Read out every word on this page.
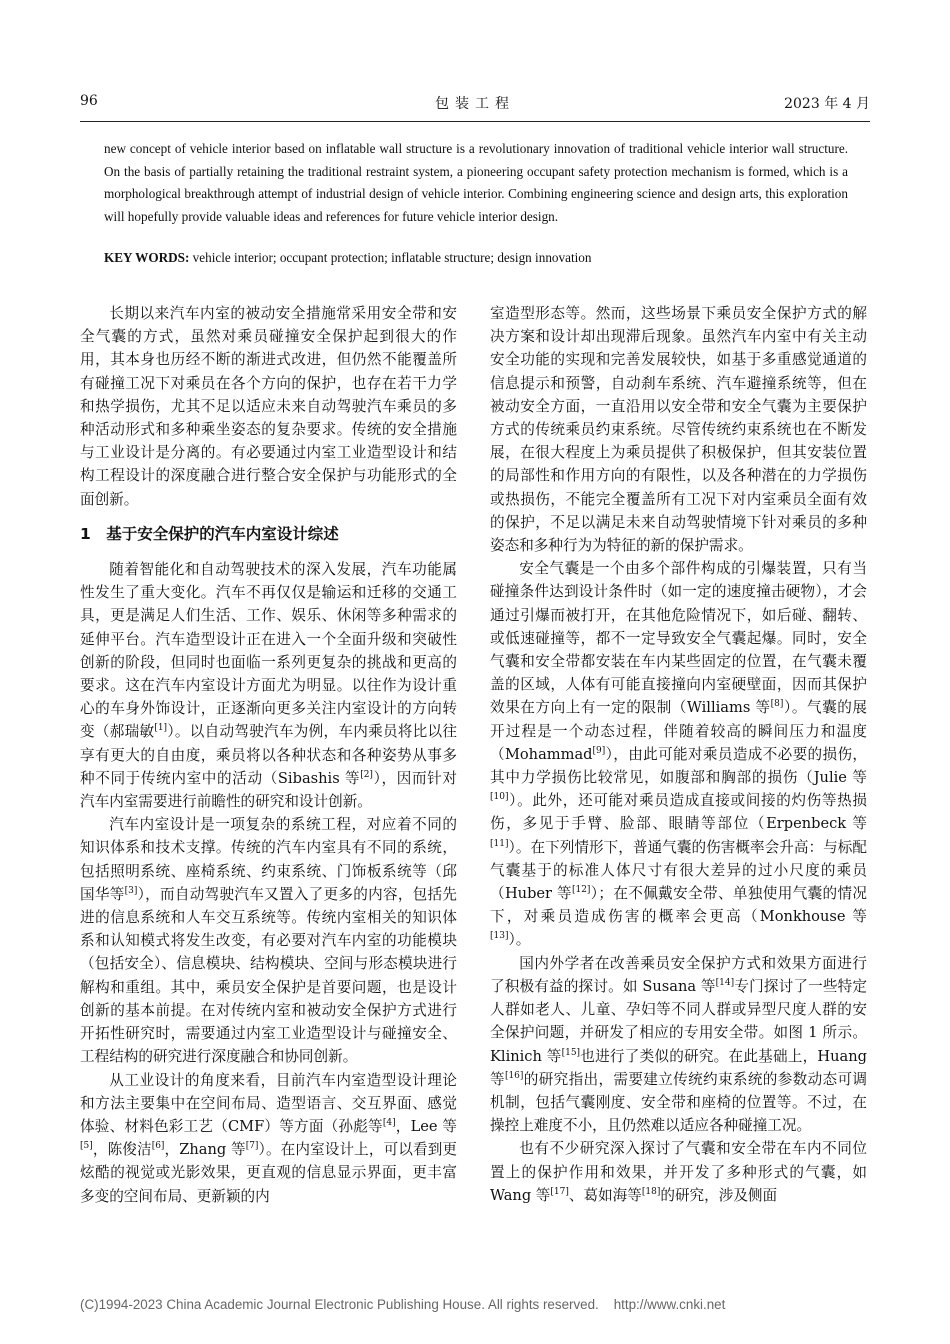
96	包装工程	2023 年 4 月
new concept of vehicle interior based on inflatable wall structure is a revolutionary innovation of traditional vehicle interior wall structure. On the basis of partially retaining the traditional restraint system, a pioneering occupant safety protection mechanism is formed, which is a morphological breakthrough attempt of industrial design of vehicle interior. Combining engineering science and design arts, this exploration will hopefully provide valuable ideas and references for future vehicle interior design.
KEY WORDS: vehicle interior; occupant protection; inflatable structure; design innovation

长期以来汽车内室的被动安全措施常采用安全带和安全气囊的方式，虽然对乘员碰撞安全保护起到很大的作用，其本身也历经不断的渐进式改进，但仍然不能覆盖所有碰撞工况下对乘员在各个方向的保护，也存在若干力学和热学损伤，尤其不足以适应未来自动驾驶汽车乘员的多种活动形式和多种乘坐姿态的复杂要求。传统的安全措施与工业设计是分离的。有必要通过内室工业造型设计和结构工程设计的深度融合进行整合安全保护与功能形式的全面创新。

1　基于安全保护的汽车内室设计综述

随着智能化和自动驾驶技术的深入发展，汽车功能属性发生了重大变化。汽车不再仅仅是输运和迁移的交通工具，更是满足人们生活、工作、娱乐、休闲等多种需求的延伸平台。汽车造型设计正在进入一个全面升级和突破性创新的阶段，但同时也面临一系列更复杂的挑战和更高的要求。这在汽车内室设计方面尤为明显。以往作为设计重心的车身外饰设计，正逐渐向更多关注内室设计的方向转变（郝瑞敏[1]）。以自动驾驶汽车为例，车内乘员将比以往享有更大的自由度，乘员将以各种状态和各种姿势从事多种不同于传统内室中的活动（Sibashis 等[2]），因而针对汽车内室需要进行前瞻性的研究和设计创新。

汽车内室设计是一项复杂的系统工程，对应着不同的知识体系和技术支撑。传统的汽车内室具有不同的系统，包括照明系统、座椅系统、约束系统、门饰板系统等（邱国华等[3]），而自动驾驶汽车又置入了更多的内容，包括先进的信息系统和人车交互系统等。传统内室相关的知识体系和认知模式将发生改变，有必要对汽车内室的功能模块（包括安全）、信息模块、结构模块、空间与形态模块进行解构和重组。其中，乘员安全保护是首要问题，也是设计创新的基本前提。在对传统内室和被动安全保护方式进行开拓性研究时，需要通过内室工业造型设计与碰撞安全、工程结构的研究进行深度融合和协同创新。

从工业设计的角度来看，目前汽车内室造型设计理论和方法主要集中在空间布局、造型语言、交互界面、感觉体验、材料色彩工艺（CMF）等方面（孙彪等[4]，Lee 等[5]，陈俊洁[6]，Zhang 等[7]）。在内室设计上，可以看到更炫酷的视觉或光影效果，更直观的信息显示界面，更丰富多变的空间布局、更新颖的内

室造型形态等。然而，这些场景下乘员安全保护方式的解决方案和设计却出现滞后现象。虽然汽车内室中有关主动安全功能的实现和完善发展较快，如基于多重感觉通道的信息提示和预警，自动刹车系统、汽车避撞系统等，但在被动安全方面，一直沿用以安全带和安全气囊为主要保护方式的传统乘员约束系统。尽管传统约束系统也在不断发展，在很大程度上为乘员提供了积极保护，但其安装位置的局部性和作用方向的有限性，以及各种潜在的力学损伤或热损伤，不能完全覆盖所有工况下对内室乘员全面有效的保护，不足以满足未来自动驾驶情境下针对乘员的多种姿态和多种行为为特征的新的保护需求。

安全气囊是一个由多个部件构成的引爆装置，只有当碰撞条件达到设计条件时（如一定的速度撞击硬物），才会通过引爆而被打开，在其他危险情况下，如后碰、翻转、或低速碰撞等，都不一定导致安全气囊起爆。同时，安全气囊和安全带都安装在车内某些固定的位置，在气囊未覆盖的区域，人体有可能直接撞向内室硬壁面，因而其保护效果在方向上有一定的限制（Williams 等[8]）。气囊的展开过程是一个动态过程，伴随着较高的瞬间压力和温度（Mohammad[9]），由此可能对乘员造成不必要的损伤，其中力学损伤比较常见，如腹部和胸部的损伤（Julie 等[10]）。此外，还可能对乘员造成直接或间接的灼伤等热损伤，多见于手臂、脸部、眼睛等部位（Erpenbeck 等[11]）。在下列情形下，普通气囊的伤害概率会升高：与标配气囊基于的标准人体尺寸有很大差异的过小尺度的乘员（Huber 等[12]）；在不佩戴安全带、单独使用气囊的情况下，对乘员造成伤害的概率会更高（Monkhouse 等[13]）。

国内外学者在改善乘员安全保护方式和效果方面进行了积极有益的探讨。如 Susana 等[14]专门探讨了一些特定人群如老人、儿童、孕妇等不同人群或异型尺度人群的安全保护问题，并研发了相应的专用安全带。如图 1 所示。Klinich 等[15]也进行了类似的研究。在此基础上，Huang 等[16]的研究指出，需要建立传统约束系统的参数动态可调机制，包括气囊刚度、安全带和座椅的位置等。不过，在操控上难度不小，且仍然难以适应各种碰撞工况。

也有不少研究深入探讨了气囊和安全带在车内不同位置上的保护作用和效果，并开发了多种形式的气囊，如 Wang 等[17]、葛如海等[18]的研究，涉及侧面

(C)1994-2023 China Academic Journal Electronic Publishing House. All rights reserved. http://www.cnki.net
